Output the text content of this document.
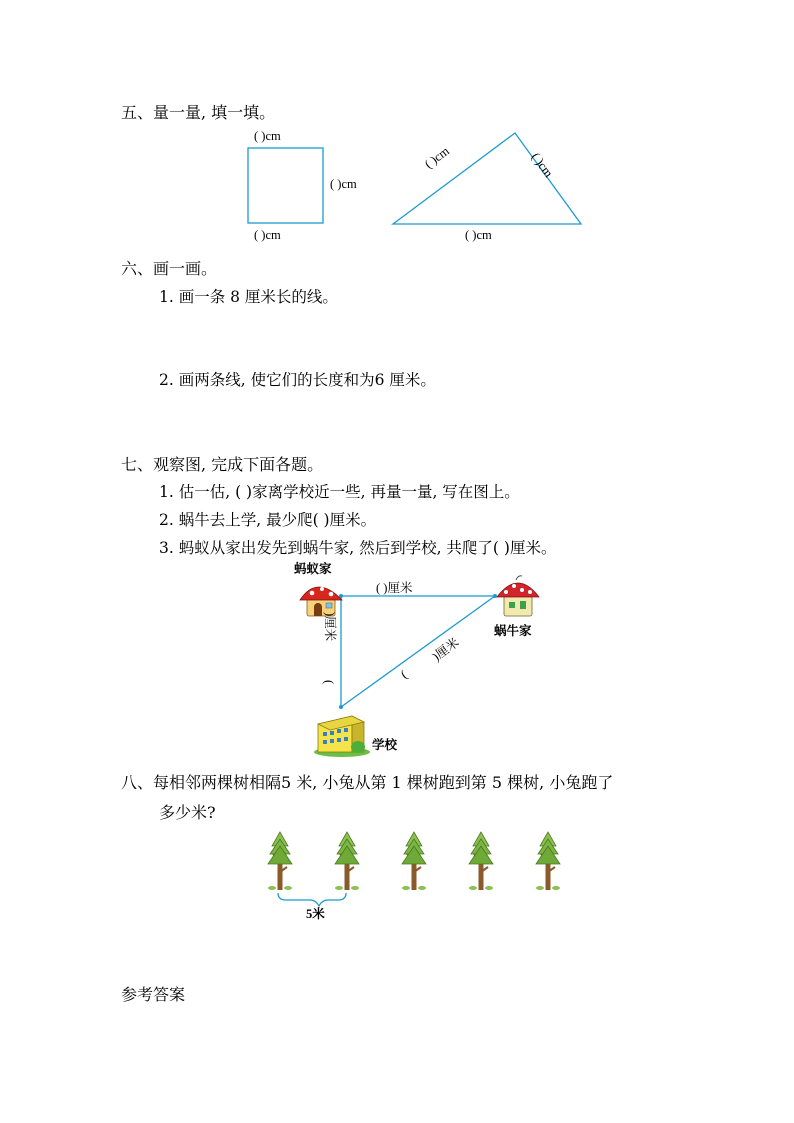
五、量一量, 填一填。
( )cm
( )cm
( )cm
( )cm	( )cm
( )cm
六、画一画。
1. 画一条 8 厘米长的线。
2. 画两条线, 使它们的长度和为6 厘米。
七、观察图, 完成下面各题。
1. 估一估, ( )家离学校近一些, 再量一量, 写在图上。
2. 蜗牛去上学, 最少爬( )厘米。
3. 蚂蚁从家出发先到蜗牛家, 然后到学校, 共爬了( )厘米。
蚂蚁家
蜗牛家
学校
( )厘米
)厘米
(
(
)厘米
八、每相邻两棵树相隔5 米, 小兔从第 1 棵树跑到第 5 棵树, 小兔跑了
多少米?
5米
参考答案
